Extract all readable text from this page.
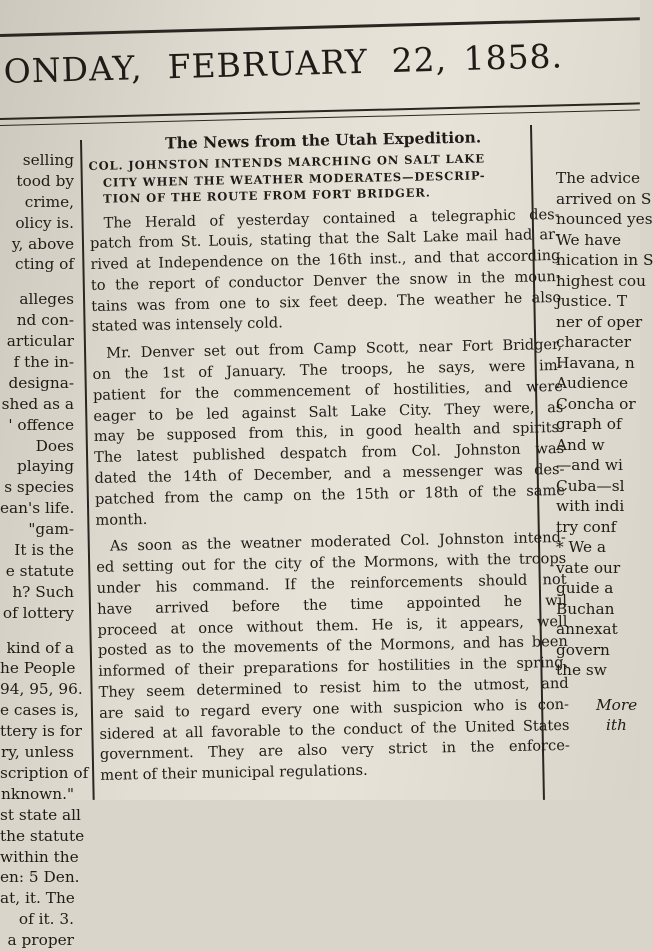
ONDAY, FEBRUARY 22, 1858.
selling
tood by
crime,
olicy is.
y, above
cting of
alleges
nd con-
articular
f the in-
designa-
shed as a
' offence
Does
playing
s species
ean's life.
"gam-
It is the
e statute
h? Such
of lottery
kind of a
he People
94, 95, 96.
e cases is,
ttery is for
ry, unless
scription of
nknown."
st state all
the statute
within the
en: 5 Den.
at, it. The
of it. 3.
a proper
The News from the Utah Expedition.
COL. JOHNSTON INTENDS MARCHING ON SALT LAKE
CITY WHEN THE WEATHER MODERATES—DESCRIP-
TION OF THE ROUTE FROM FORT BRIDGER.
The Herald of yesterday contained a telegraphic des-
patch from St. Louis, stating that the Salt Lake mail had ar-
rived at Independence on the 16th inst., and that according
to the report of conductor Denver the snow in the moun-
tains was from one to six feet deep. The weather he also
stated was intensely cold.
Mr. Denver set out from Camp Scott, near Fort Bridger,
on the 1st of January. The troops, he says, were im-
patient for the commencement of hostilities, and were
eager to be led against Salt Lake City. They were, as
may be supposed from this, in good health and spirits.
The latest published despatch from Col. Johnston was
dated the 14th of December, and a messenger was des-
patched from the camp on the 15th or 18th of the same
month.
As soon as the weatner moderated Col. Johnston intend-
ed setting out for the city of the Mormons, with the troops
under his command. If the reinforcements should not
have arrived before the time appointed he wil
proceed at once without them. He is, it appears, well
posted as to the movements of the Mormons, and has been
informed of their preparations for hostilities in the spring.
They seem determined to resist him to the utmost, and
are said to regard every one with suspicion who is con-
sidered at all favorable to the conduct of the United States
government. They are also very strict in the enforce-
ment of their municipal regulations.
The advice
arrived on S
nounced yes
We have
nication in S
highest cou
justice. T
ner of oper
character
Havana, n
Audience
Concha or
graph of
And w
—and wi
Cuba—sl
with indi
try conf
* We a
vate our
guide a
Buchan
annexat
govern
the sw
More
ith
